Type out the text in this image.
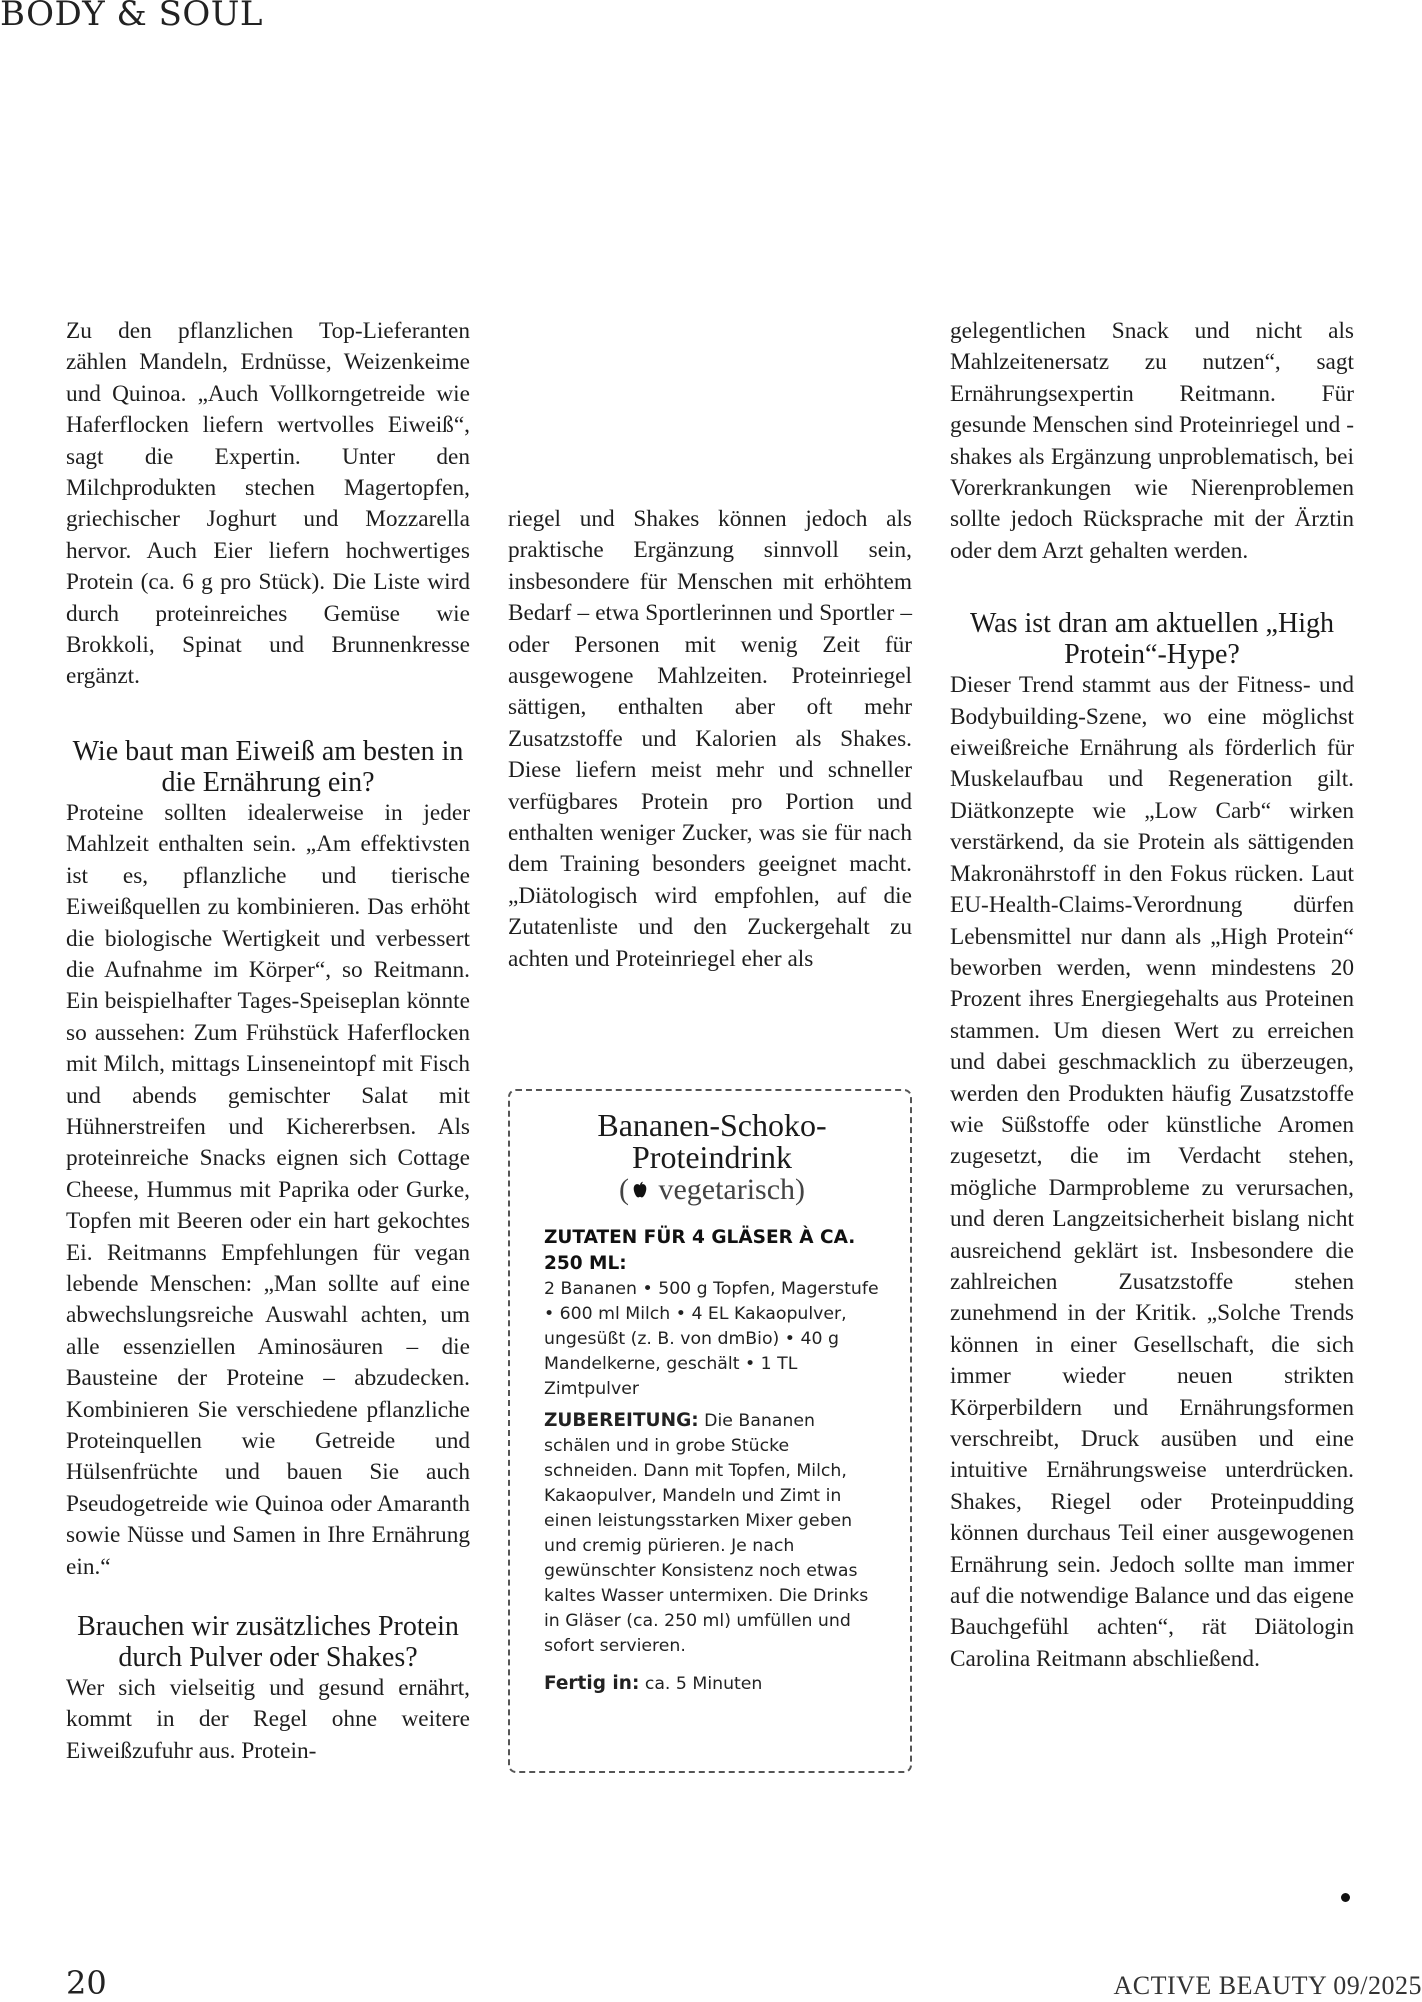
BODY & SOUL

Zu den pflanzlichen Top-Lieferanten zählen Mandeln, Erdnüsse, Weizenkeime und Quinoa. „Auch Vollkorngetreide wie Haferflocken liefern wertvolles Eiweiß“, sagt die Expertin. Unter den Milchprodukten stechen Magertopfen, griechischer Joghurt und Mozzarella hervor. Auch Eier liefern hochwertiges Protein (ca. 6 g pro Stück). Die Liste wird durch proteinreiches Gemüse wie Brokkoli, Spinat und Brunnenkresse ergänzt.

Wie baut man Eiweiß am besten in die Ernährung ein?

Proteine sollten idealerweise in jeder Mahlzeit enthalten sein. „Am effektivsten ist es, pflanzliche und tierische Eiweißquellen zu kombinieren. Das erhöht die biologische Wertigkeit und verbessert die Aufnahme im Körper“, so Reitmann. Ein beispielhafter Tages-Speiseplan könnte so aussehen: Zum Frühstück Haferflocken mit Milch, mittags Linseneintopf mit Fisch und abends gemischter Salat mit Hühnerstreifen und Kichererbsen. Als proteinreiche Snacks eignen sich Cottage Cheese, Hummus mit Paprika oder Gurke, Topfen mit Beeren oder ein hart gekochtes Ei. Reitmanns Empfehlungen für vegan lebende Menschen: „Man sollte auf eine abwechslungsreiche Auswahl achten, um alle essenziellen Aminosäuren – die Bausteine der Proteine – abzudecken. Kombinieren Sie verschiedene pflanzliche Proteinquellen wie Getreide und Hülsenfrüchte und bauen Sie auch Pseudogetreide wie Quinoa oder Amaranth sowie Nüsse und Samen in Ihre Ernährung ein.“

Brauchen wir zusätzliches Protein durch Pulver oder Shakes?

Wer sich vielseitig und gesund ernährt, kommt in der Regel ohne weitere Eiweißzufuhr aus. Protein-

riegel und Shakes können jedoch als praktische Ergänzung sinnvoll sein, insbesondere für Menschen mit erhöhtem Bedarf – etwa Sportlerinnen und Sportler – oder Personen mit wenig Zeit für ausgewogene Mahlzeiten. Proteinriegel sättigen, enthalten aber oft mehr Zusatzstoffe und Kalorien als Shakes. Diese liefern meist mehr und schneller verfügbares Protein pro Portion und enthalten weniger Zucker, was sie für nach dem Training besonders geeignet macht. „Diätologisch wird empfohlen, auf die Zutatenliste und den Zuckergehalt zu achten und Proteinriegel eher als

Bananen-Schoko-Proteindrink
( vegetarisch)
ZUTATEN FÜR 4 GLÄSER À CA. 250 ML:
2 Bananen • 500 g Topfen, Magerstufe • 600 ml Milch • 4 EL Kakaopulver, ungesüßt (z. B. von dmBio) • 40 g Mandelkerne, geschält • 1 TL Zimtpulver
ZUBEREITUNG: Die Bananen schälen und in grobe Stücke schneiden. Dann mit Topfen, Milch, Kakaopulver, Mandeln und Zimt in einen leistungsstarken Mixer geben und cremig pürieren. Je nach gewünschter Konsistenz noch etwas kaltes Wasser untermixen. Die Drinks in Gläser (ca. 250 ml) umfüllen und sofort servieren.
Fertig in: ca. 5 Minuten

gelegentlichen Snack und nicht als Mahlzeitenersatz zu nutzen“, sagt Ernährungsexpertin Reitmann. Für gesunde Menschen sind Proteinriegel und -shakes als Ergänzung unproblematisch, bei Vorerkrankungen wie Nierenproblemen sollte jedoch Rücksprache mit der Ärztin oder dem Arzt gehalten werden.

Was ist dran am aktuellen „High Protein“-Hype?

Dieser Trend stammt aus der Fitness- und Bodybuilding-Szene, wo eine möglichst eiweißreiche Ernährung als förderlich für Muskelaufbau und Regeneration gilt. Diätkonzepte wie „Low Carb“ wirken verstärkend, da sie Protein als sättigenden Makronährstoff in den Fokus rücken. Laut EU-Health-Claims-Verordnung dürfen Lebensmittel nur dann als „High Protein“ beworben werden, wenn mindestens 20 Prozent ihres Energiegehalts aus Proteinen stammen. Um diesen Wert zu erreichen und dabei geschmacklich zu überzeugen, werden den Produkten häufig Zusatzstoffe wie Süßstoffe oder künstliche Aromen zugesetzt, die im Verdacht stehen, mögliche Darmprobleme zu verursachen, und deren Langzeitsicherheit bislang nicht ausreichend geklärt ist. Insbesondere die zahlreichen Zusatzstoffe stehen zunehmend in der Kritik. „Solche Trends können in einer Gesellschaft, die sich immer wieder neuen strikten Körperbildern und Ernährungsformen verschreibt, Druck ausüben und eine intuitive Ernährungsweise unterdrücken. Shakes, Riegel oder Proteinpudding können durchaus Teil einer ausgewogenen Ernährung sein. Jedoch sollte man immer auf die notwendige Balance und das eigene Bauchgefühl achten“, rät Diätologin Carolina Reitmann abschließend.

20	ACTIVE BEAUTY 09/2025
